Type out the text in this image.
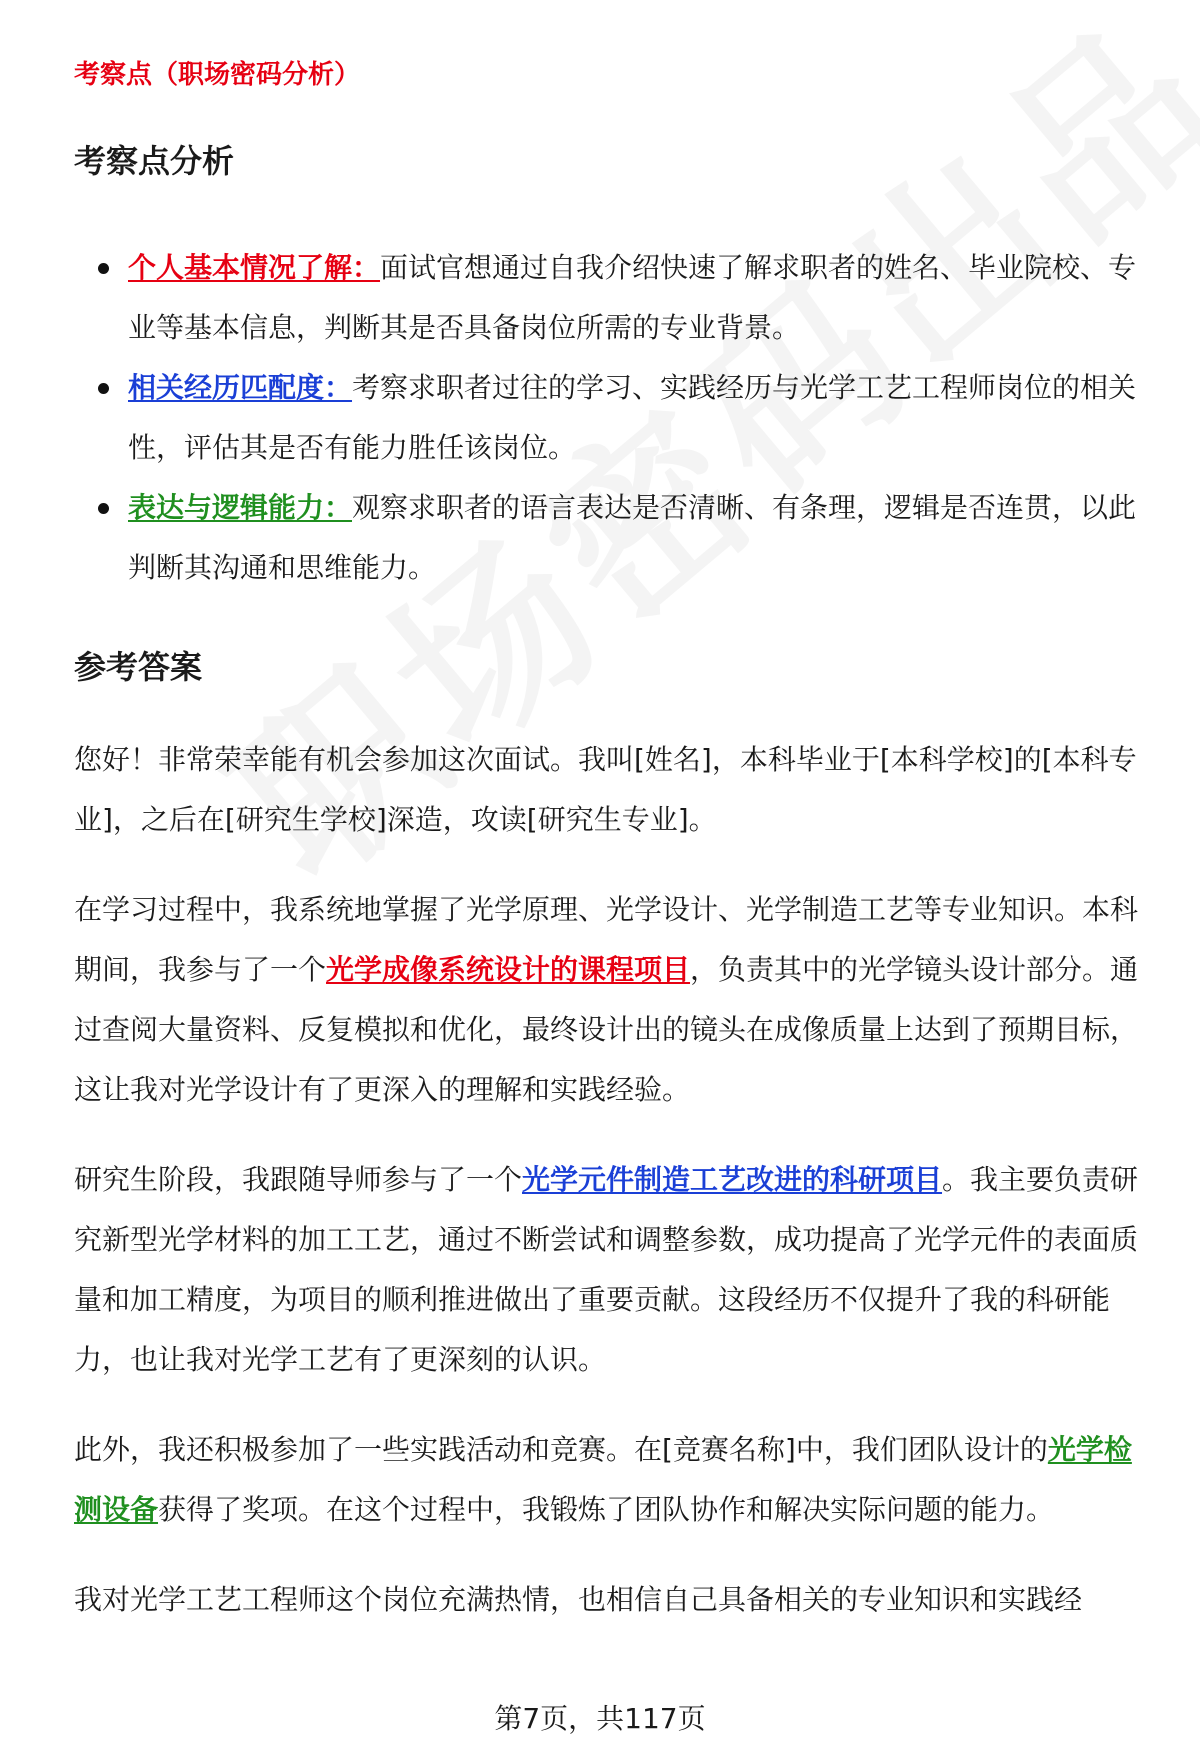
考察点（职场密码分析）

考察点分析
个人基本情况了解：面试官想通过自我介绍快速了解求职者的姓名、毕业院校、专业等基本信息，判断其是否具备岗位所需的专业背景。
相关经历匹配度：考察求职者过往的学习、实践经历与光学工艺工程师岗位的相关性，评估其是否有能力胜任该岗位。
表达与逻辑能力：观察求职者的语言表达是否清晰、有条理，逻辑是否连贯，以此判断其沟通和思维能力。
参考答案

您好！非常荣幸能有机会参加这次面试。我叫[姓名]，本科毕业于[本科学校]的[本科专业]，之后在[研究生学校]深造，攻读[研究生专业]。

在学习过程中，我系统地掌握了光学原理、光学设计、光学制造工艺等专业知识。本科期间，我参与了一个光学成像系统设计的课程项目，负责其中的光学镜头设计部分。通过查阅大量资料、反复模拟和优化，最终设计出的镜头在成像质量上达到了预期目标，这让我对光学设计有了更深入的理解和实践经验。

研究生阶段，我跟随导师参与了一个光学元件制造工艺改进的科研项目。我主要负责研究新型光学材料的加工工艺，通过不断尝试和调整参数，成功提高了光学元件的表面质量和加工精度，为项目的顺利推进做出了重要贡献。这段经历不仅提升了我的科研能力，也让我对光学工艺有了更深刻的认识。

此外，我还积极参加了一些实践活动和竞赛。在[竞赛名称]中，我们团队设计的光学检测设备获得了奖项。在这个过程中，我锻炼了团队协作和解决实际问题的能力。

我对光学工艺工程师这个岗位充满热情，也相信自己具备相关的专业知识和实践经

第7页，共117页
